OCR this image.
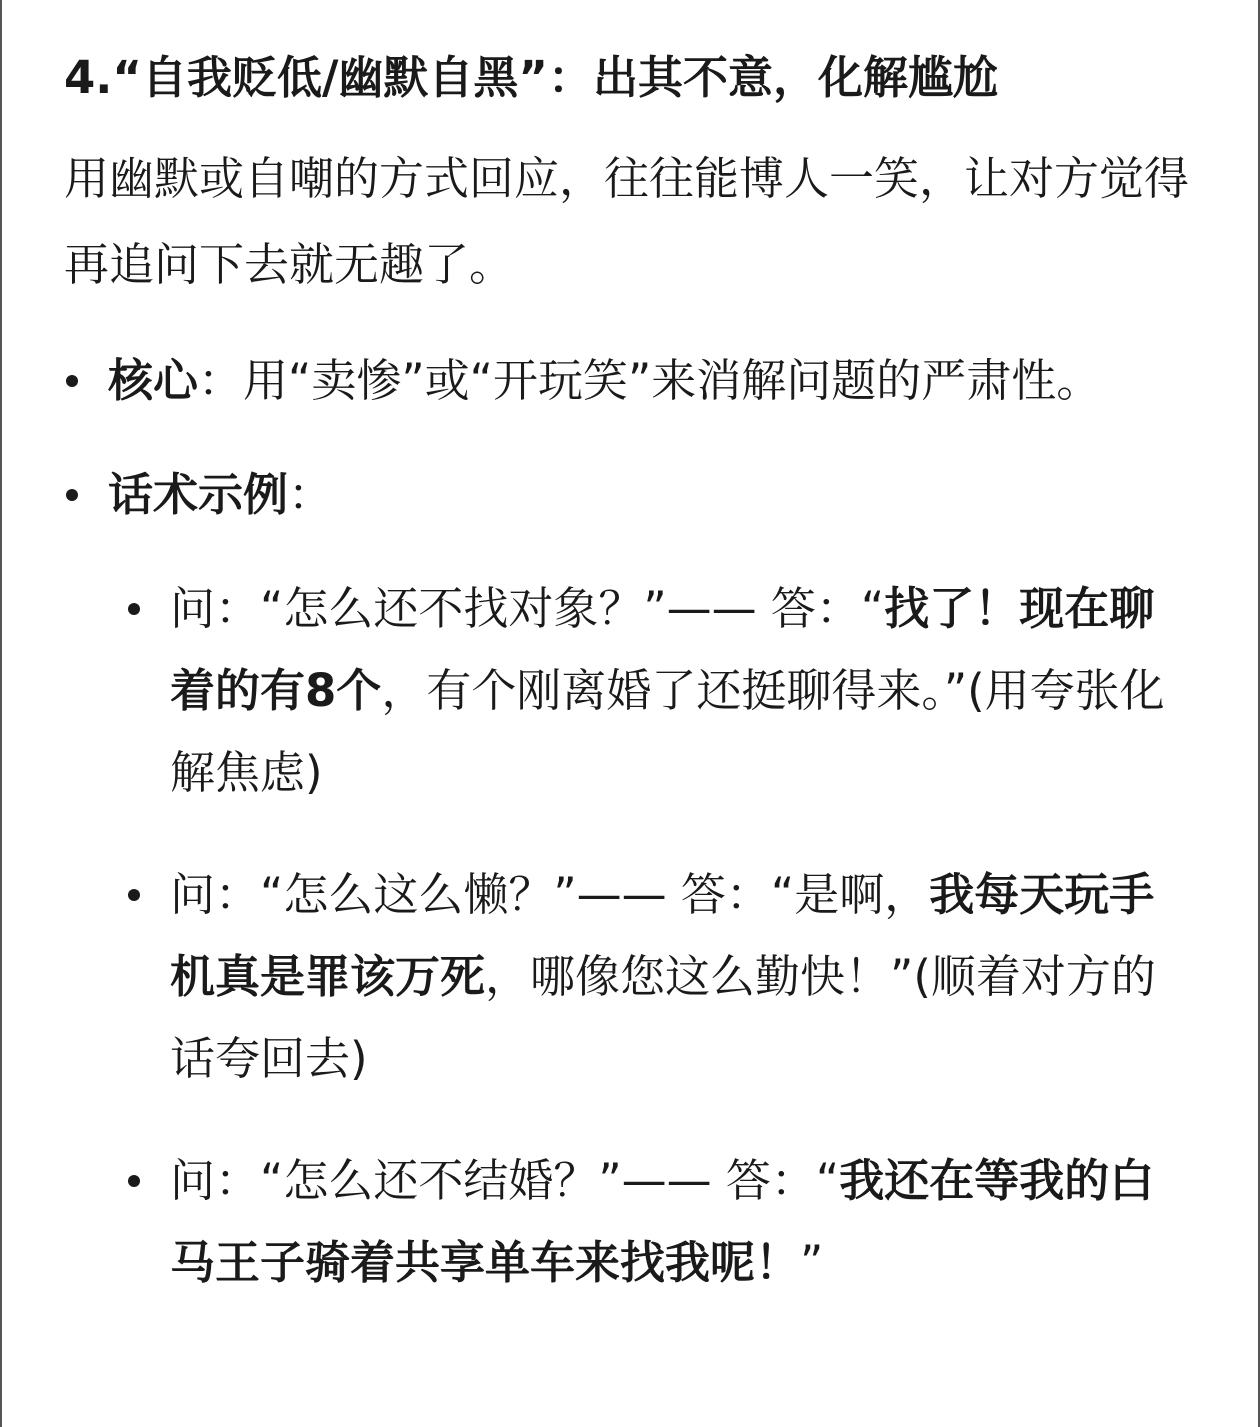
4.“自我贬低/幽默自黑”：出其不意，化解尴尬

用幽默或自嘲的方式回应，往往能博人一笑，让对方觉得再追问下去就无趣了。

核心：用“卖惨”或“开玩笑”来消解问题的严肃性。
话术示例：
问：“怎么还不找对象？”—— 答：“找了！现在聊着的有8个，有个刚离婚了还挺聊得来。”(用夸张化解焦虑)
问：“怎么这么懒？”—— 答：“是啊，我每天玩手机真是罪该万死，哪像您这么勤快！”(顺着对方的话夸回去)
问：“怎么还不结婚？”—— 答：“我还在等我的白马王子骑着共享单车来找我呢！”
